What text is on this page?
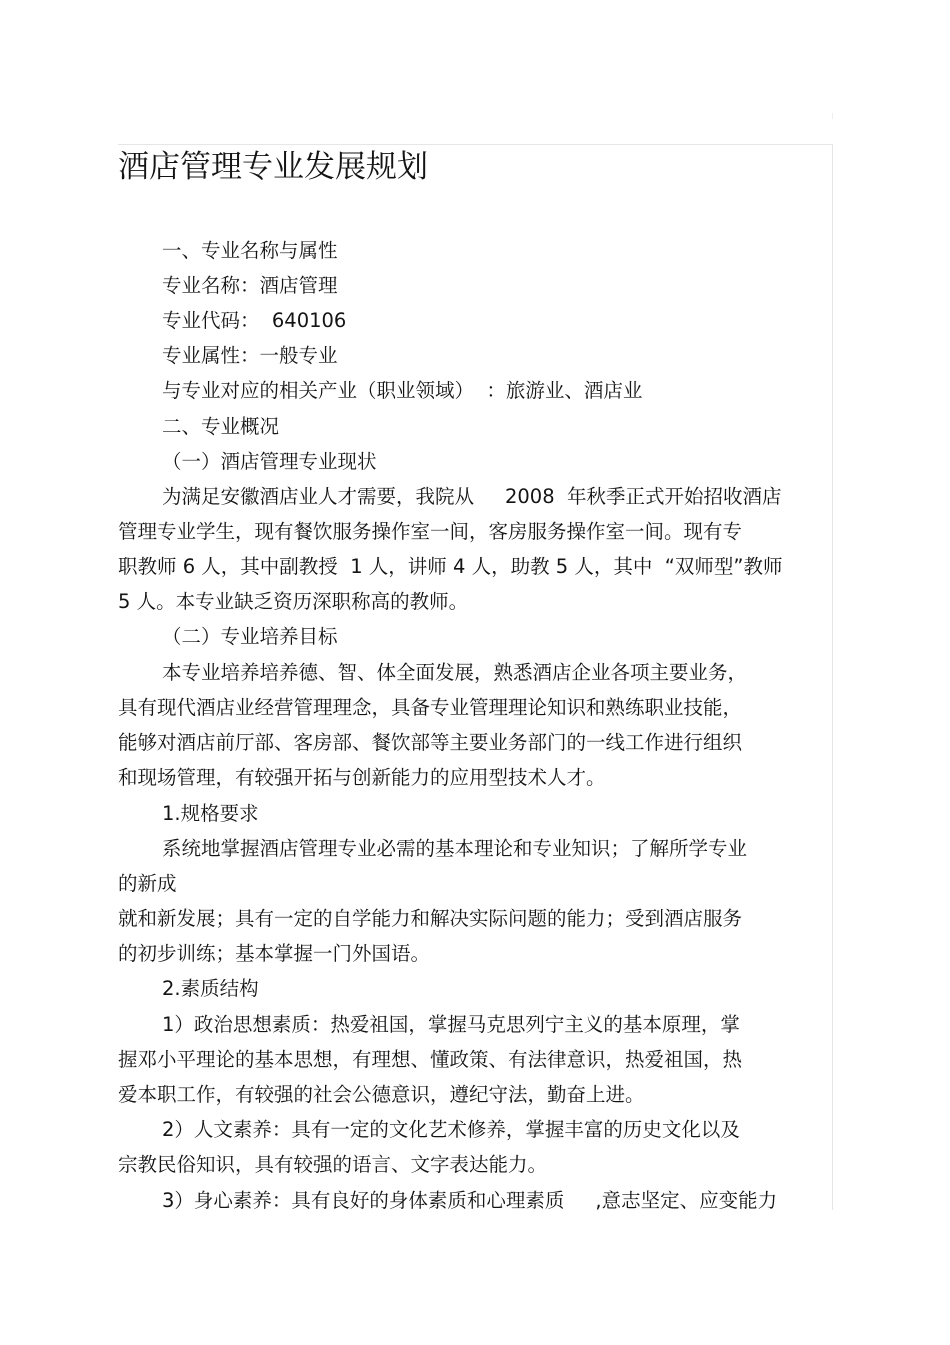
酒店管理专业发展规划
一、专业名称与属性
专业名称：酒店管理
专业代码：  640106
专业属性：一般专业
与专业对应的相关产业（职业领域）  ：旅游业、酒店业
二、专业概况
（一）酒店管理专业现状
为满足安徽酒店业人才需要，我院从     2008  年秋季正式开始招收酒店
管理专业学生，现有餐饮服务操作室一间，客房服务操作室一间。现有专
职教师 6 人，其中副教授  1 人，讲师 4 人，助教 5 人，其中  “双师型”教师
5 人。本专业缺乏资历深职称高的教师。
（二）专业培养目标
本专业培养培养德、智、体全面发展，熟悉酒店企业各项主要业务，
具有现代酒店业经营管理理念，具备专业管理理论知识和熟练职业技能，
能够对酒店前厅部、客房部、餐饮部等主要业务部门的一线工作进行组织
和现场管理，有较强开拓与创新能力的应用型技术人才。
1.规格要求
系统地掌握酒店管理专业必需的基本理论和专业知识；了解所学专业
的新成
就和新发展；具有一定的自学能力和解决实际问题的能力；受到酒店服务
的初步训练；基本掌握一门外国语。
2.素质结构
1）政治思想素质：热爱祖国，掌握马克思列宁主义的基本原理，掌
握邓小平理论的基本思想，有理想、懂政策、有法律意识，热爱祖国，热
爱本职工作，有较强的社会公德意识，遵纪守法，勤奋上进。
2）人文素养：具有一定的文化艺术修养，掌握丰富的历史文化以及
宗教民俗知识，具有较强的语言、文字表达能力。
3）身心素养：具有良好的身体素质和心理素质     ,意志坚定、应变能力
